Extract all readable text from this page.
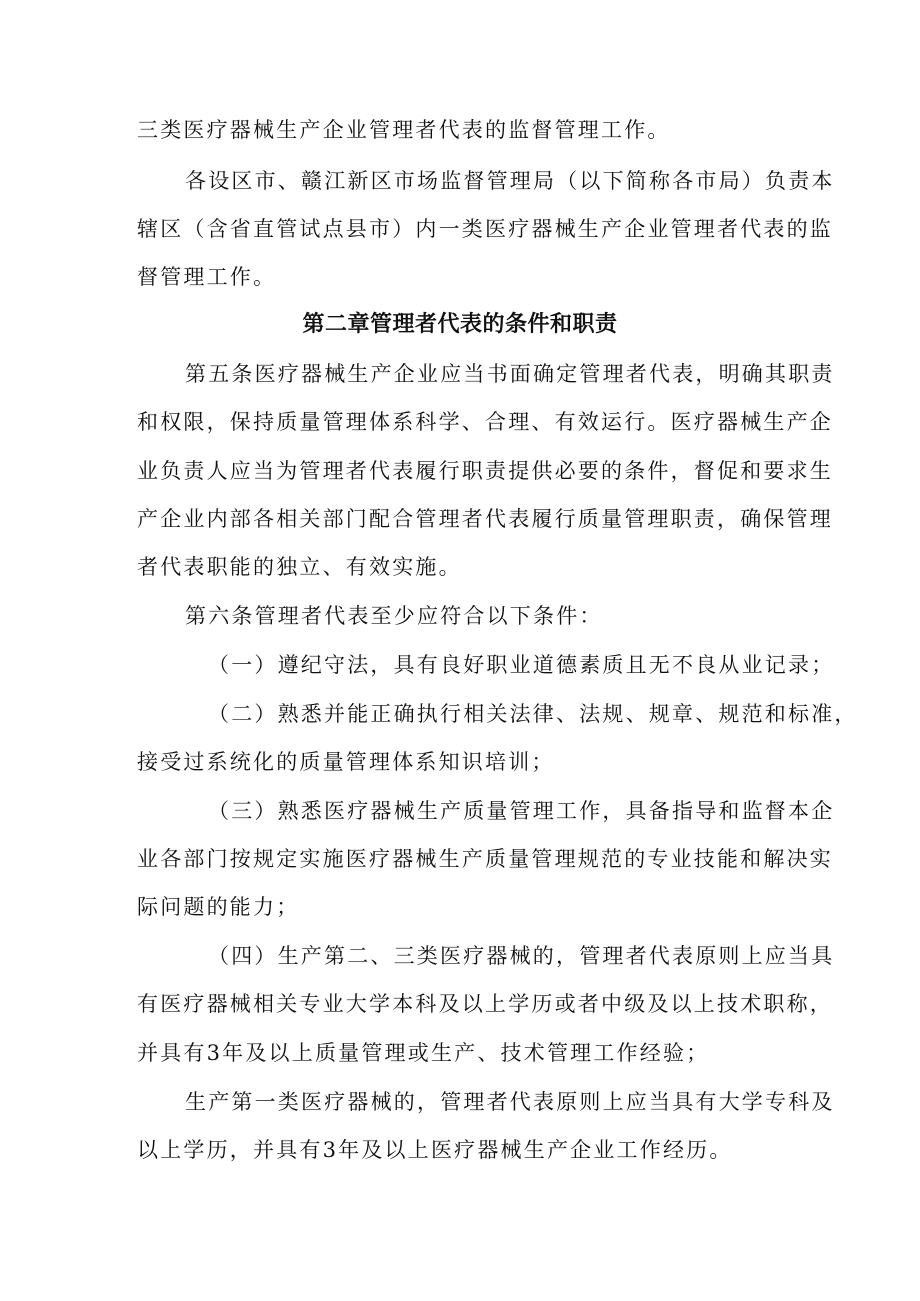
三类医疗器械生产企业管理者代表的监督管理工作。
各设区市、赣江新区市场监督管理局（以下简称各市局）负责本
辖区（含省直管试点县市）内一类医疗器械生产企业管理者代表的监
督管理工作。
第二章管理者代表的条件和职责
第五条医疗器械生产企业应当书面确定管理者代表，明确其职责
和权限，保持质量管理体系科学、合理、有效运行。医疗器械生产企
业负责人应当为管理者代表履行职责提供必要的条件，督促和要求生
产企业内部各相关部门配合管理者代表履行质量管理职责，确保管理
者代表职能的独立、有效实施。
第六条管理者代表至少应符合以下条件：
（一）遵纪守法，具有良好职业道德素质且无不良从业记录；
（二）熟悉并能正确执行相关法律、法规、规章、规范和标准，
接受过系统化的质量管理体系知识培训；
（三）熟悉医疗器械生产质量管理工作，具备指导和监督本企
业各部门按规定实施医疗器械生产质量管理规范的专业技能和解决实
际问题的能力；
（四）生产第二、三类医疗器械的，管理者代表原则上应当具
有医疗器械相关专业大学本科及以上学历或者中级及以上技术职称，
并具有3年及以上质量管理或生产、技术管理工作经验；
生产第一类医疗器械的，管理者代表原则上应当具有大学专科及
以上学历，并具有3年及以上医疗器械生产企业工作经历。
